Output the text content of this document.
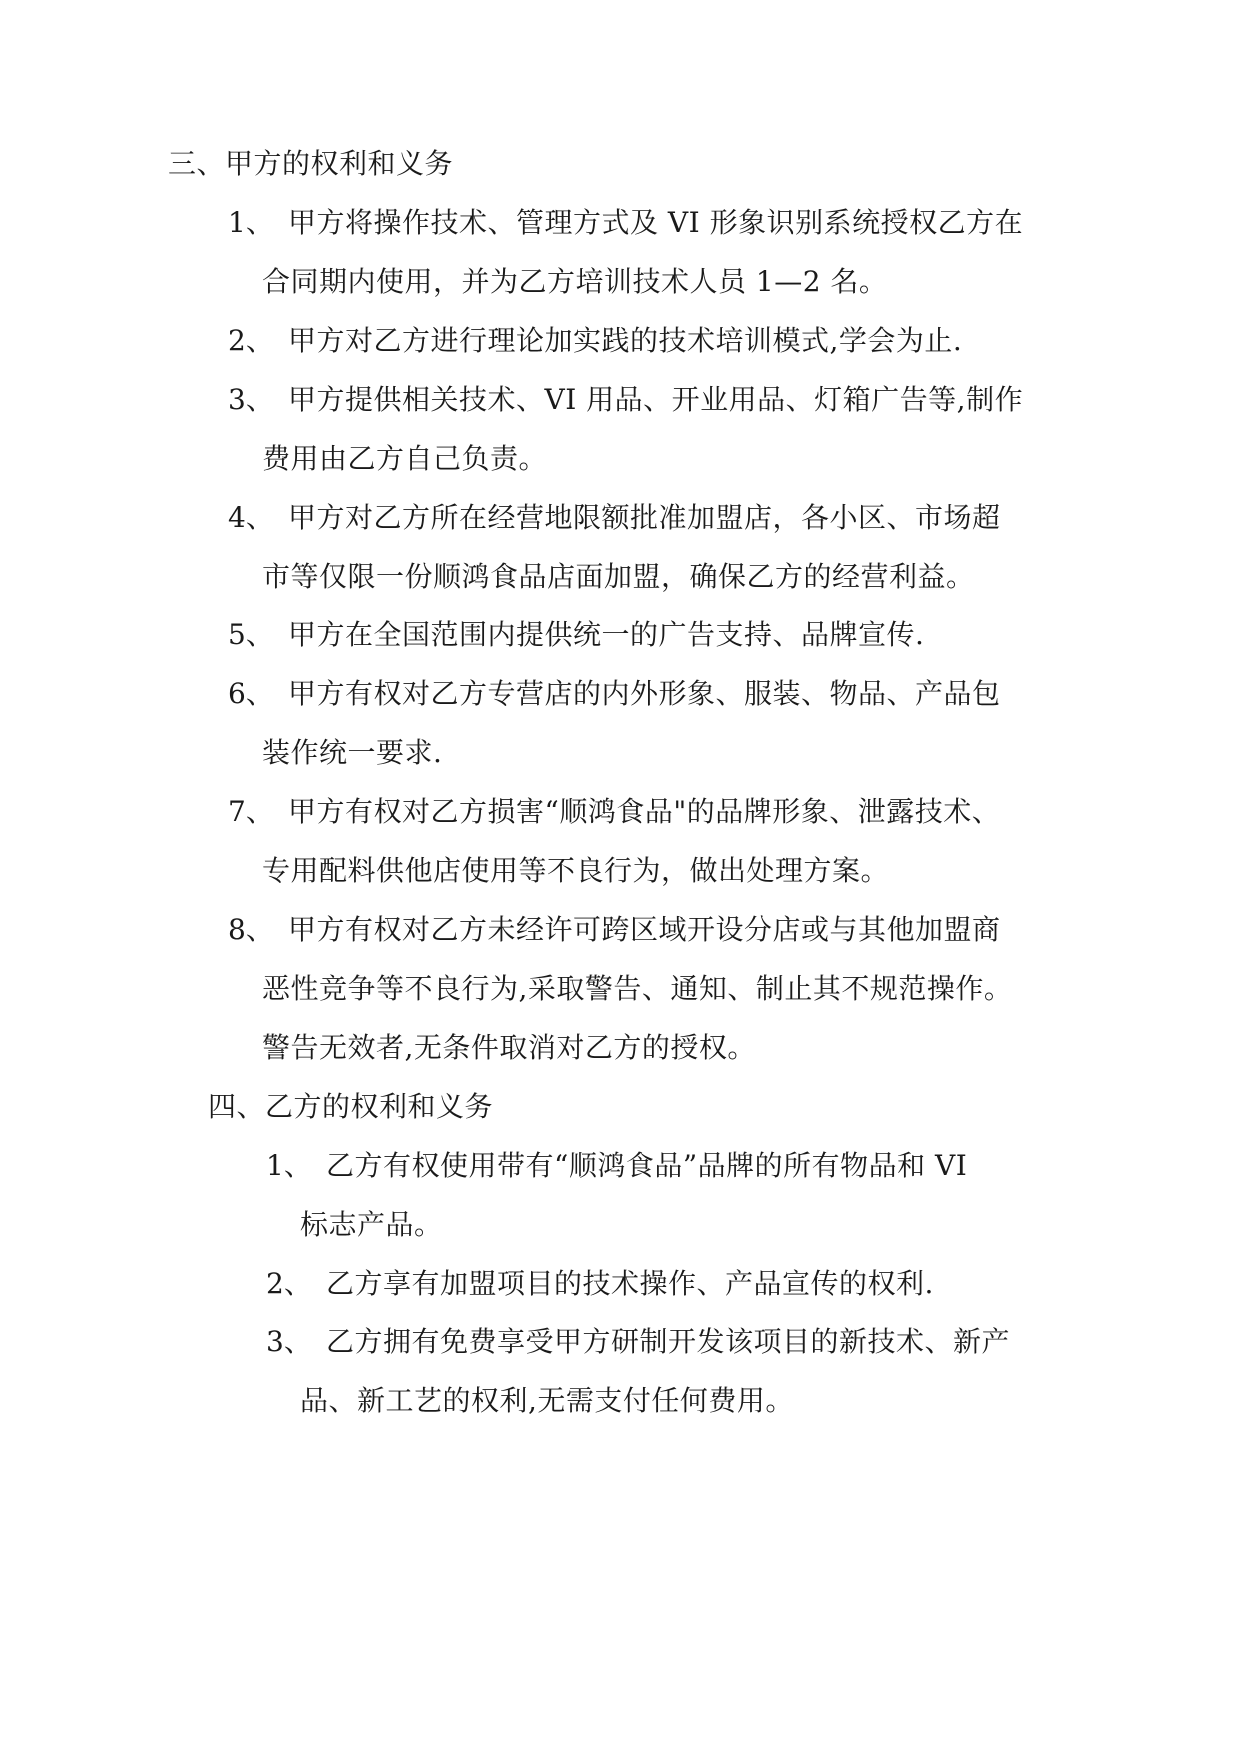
三、甲方的权利和义务
1、 甲方将操作技术、管理方式及 VI 形象识别系统授权乙方在
合同期内使用，并为乙方培训技术人员 1—2 名。
2、 甲方对乙方进行理论加实践的技术培训模式,学会为止.
3、 甲方提供相关技术、VI 用品、开业用品、灯箱广告等,制作
费用由乙方自己负责。
4、 甲方对乙方所在经营地限额批准加盟店，各小区、市场超
市等仅限一份顺鸿食品店面加盟，确保乙方的经营利益。
5、 甲方在全国范围内提供统一的广告支持、品牌宣传.
6、 甲方有权对乙方专营店的内外形象、服装、物品、产品包
装作统一要求.
7、 甲方有权对乙方损害“顺鸿食品"的品牌形象、泄露技术、
专用配料供他店使用等不良行为，做出处理方案。
8、 甲方有权对乙方未经许可跨区域开设分店或与其他加盟商
恶性竞争等不良行为,采取警告、通知、制止其不规范操作。
警告无效者,无条件取消对乙方的授权。
四、乙方的权利和义务
1、 乙方有权使用带有“顺鸿食品”品牌的所有物品和 VI
标志产品。
2、 乙方享有加盟项目的技术操作、产品宣传的权利.
3、 乙方拥有免费享受甲方研制开发该项目的新技术、新产
品、新工艺的权利,无需支付任何费用。
